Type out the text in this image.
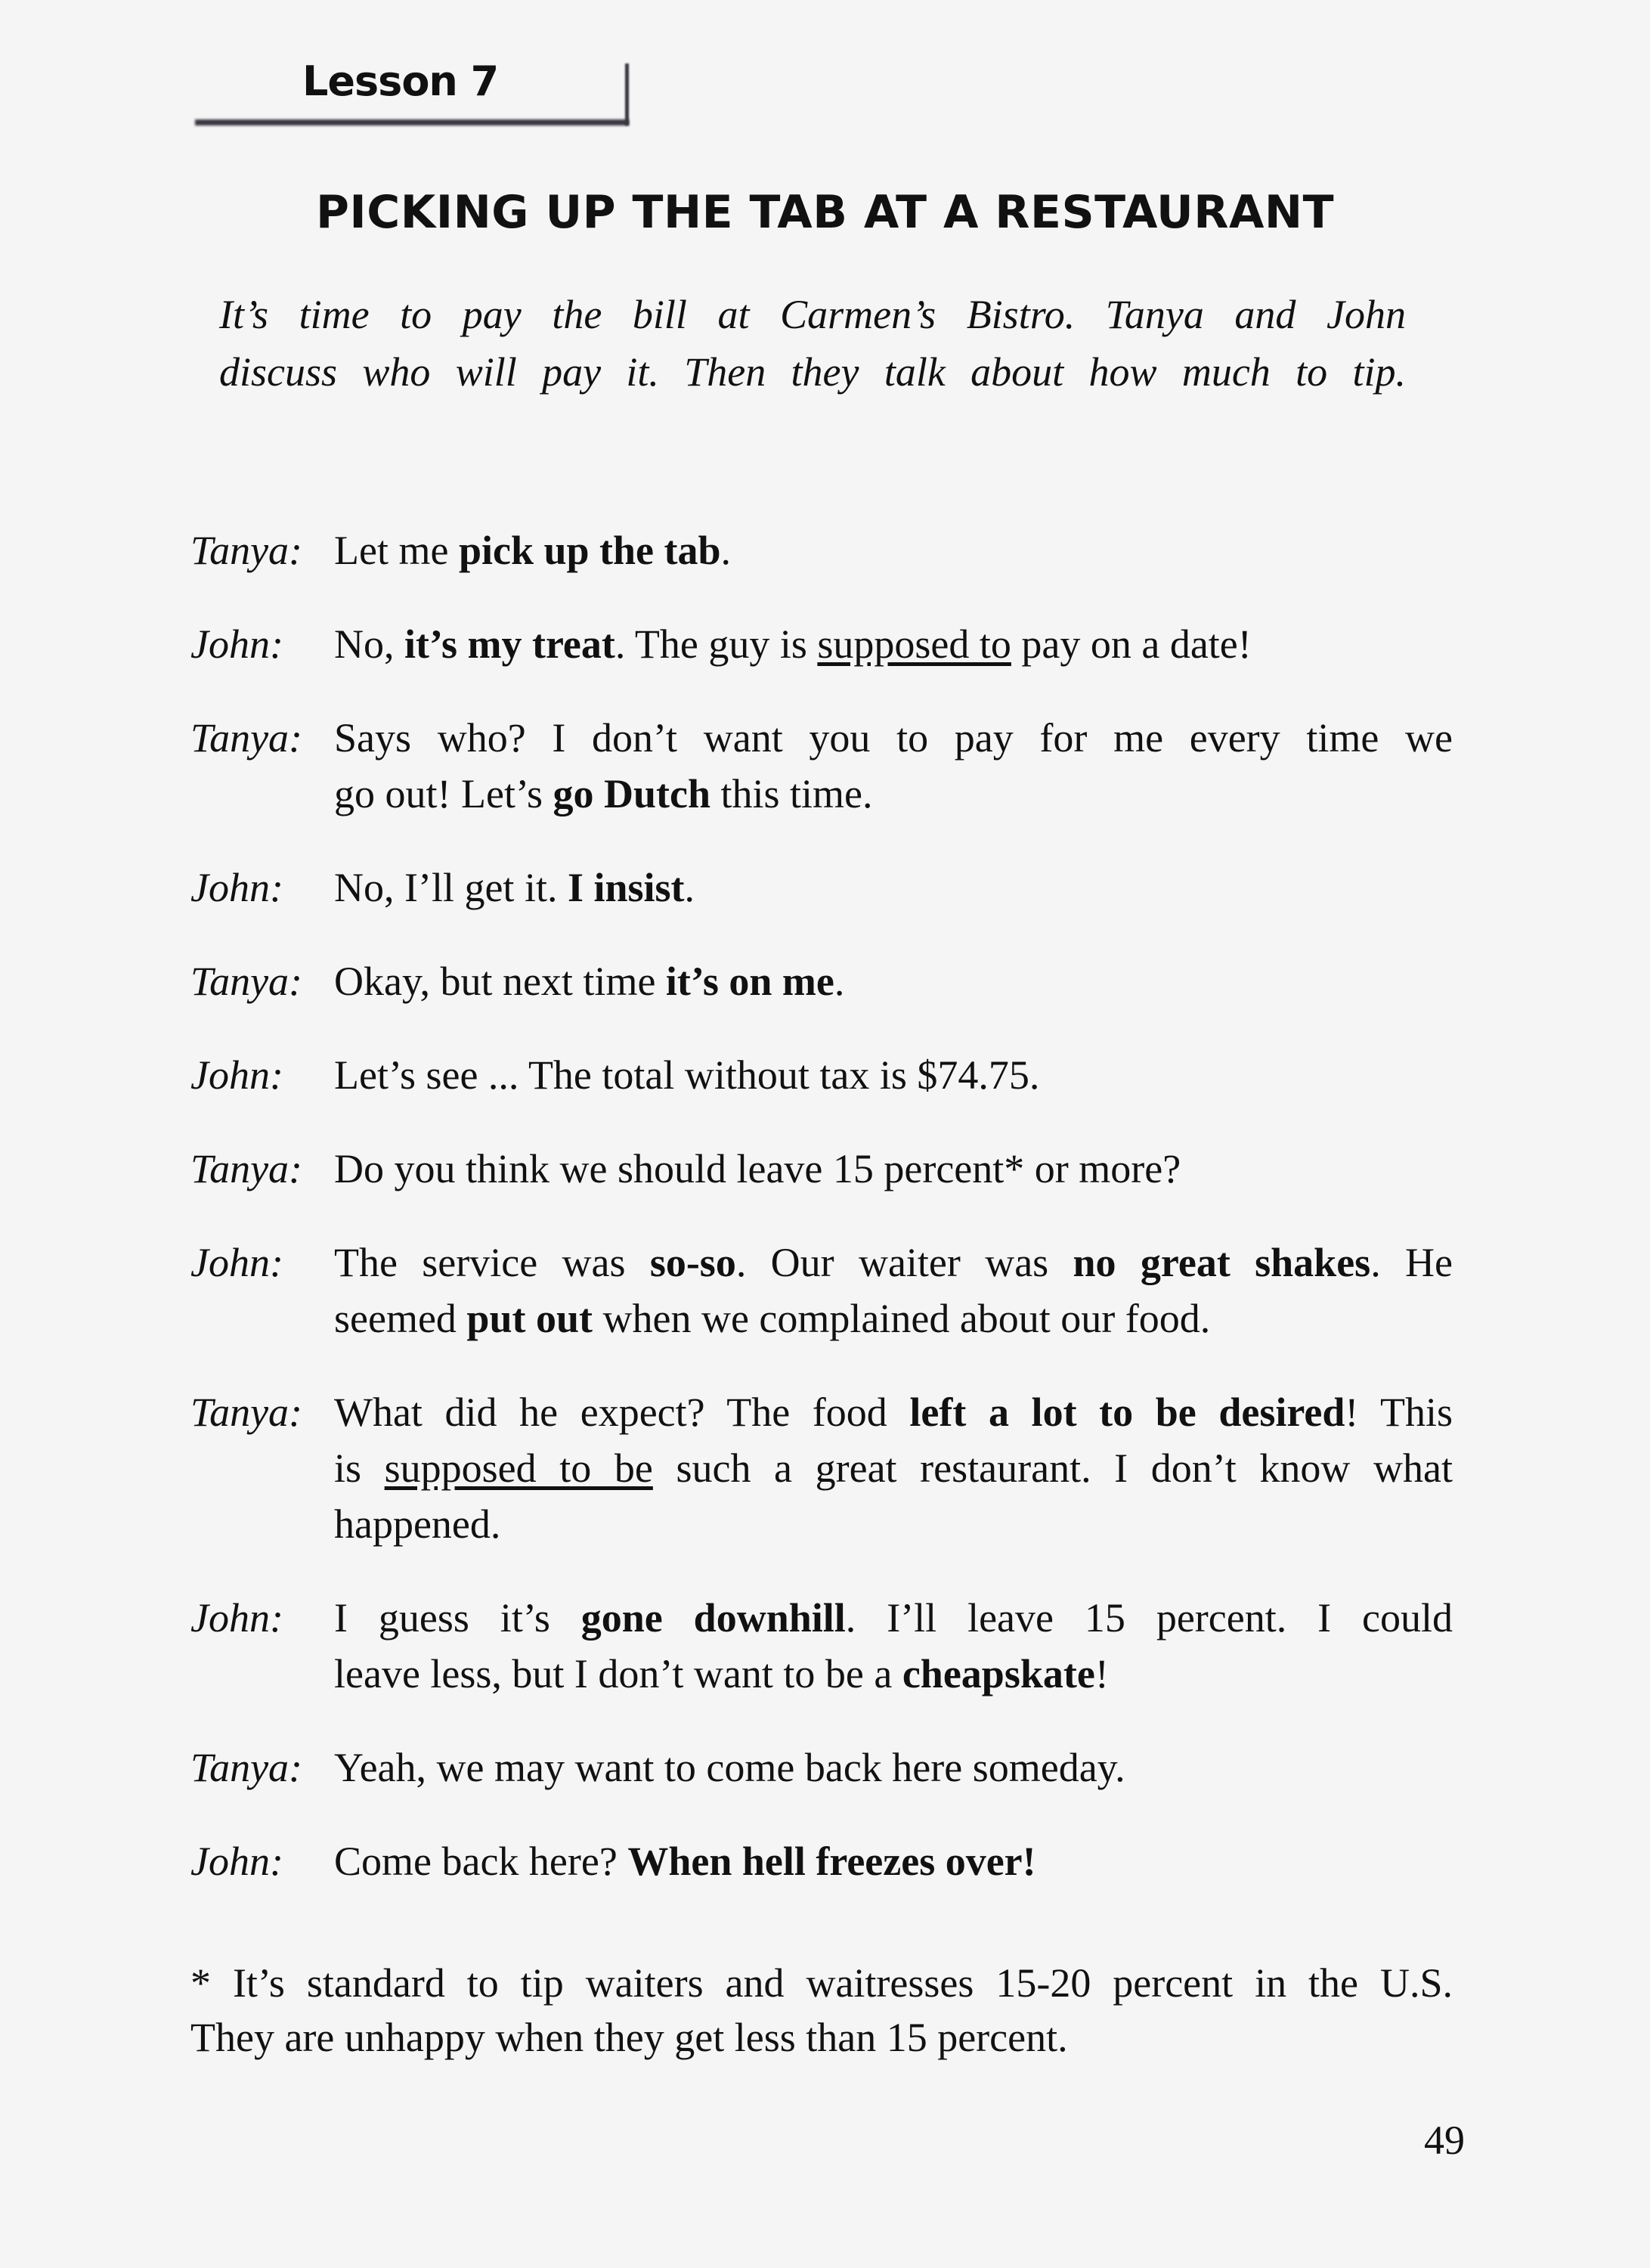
Lesson 7
PICKING UP THE TAB AT A RESTAURANT
It’s time to pay the bill at Carmen’s Bistro. Tanya and John
discuss who will pay it. Then they talk about how much to tip.
Tanya: Let me pick up the tab.
John:	No, it’s my treat. The guy is supposed to pay on a date!
Tanya: Says who? I don’t want you to pay for me every time we
go out! Let’s go Dutch this time.
John:	No, I’ll get it. I insist.
Tanya: Okay, but next time it’s on me.
John:	Let’s see ... The total without tax is $74.75.
Tanya: Do you think we should leave 15 percent* or more?
John:	The service was so-so. Our waiter was no great shakes. He
seemed put out when we complained about our food.
Tanya: What did he expect? The food left a lot to be desired! This
is supposed to be such a great restaurant. I don’t know what
happened.
John:	I guess it’s gone downhill. I’ll leave 15 percent. I could
leave less, but I don’t want to be a cheapskate!
Tanya: Yeah, we may want to come back here someday.
John:	Come back here? When hell freezes over!
* It’s standard to tip waiters and waitresses 15-20 percent in the U.S.
They are unhappy when they get less than 15 percent.
49
